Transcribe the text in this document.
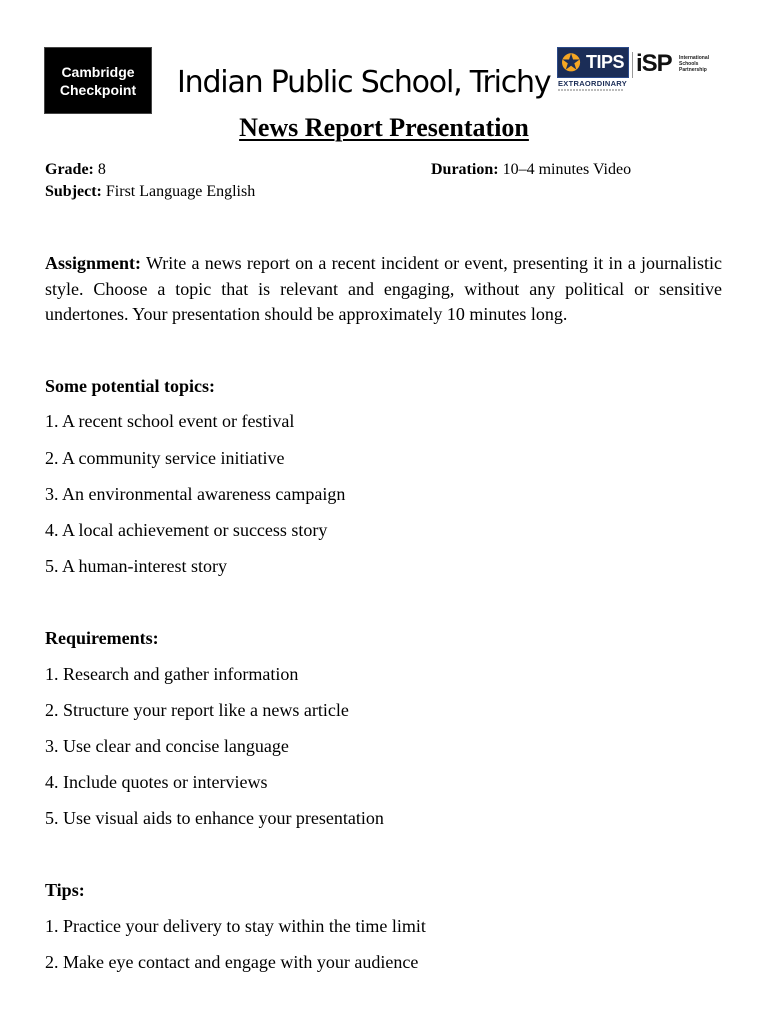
Cambridge
Checkpoint Indian Public School, Trichy
✪ TIPS
EXTRAORDINARY
iSP International
Schools
Partnership
News Report Presentation
Grade: 8	Duration: 10–4 minutes Video
Subject: First Language English
Assignment: Write a news report on a recent incident or event, presenting it in a journalistic style. Choose a topic that is relevant and engaging, without any political or sensitive undertones. Your presentation should be approximately 10 minutes long.
Some potential topics:
1. A recent school event or festival
2. A community service initiative
3. An environmental awareness campaign
4. A local achievement or success story
5. A human-interest story
Requirements:
1. Research and gather information
2. Structure your report like a news article
3. Use clear and concise language
4. Include quotes or interviews
5. Use visual aids to enhance your presentation
Tips:
1. Practice your delivery to stay within the time limit
2. Make eye contact and engage with your audience
